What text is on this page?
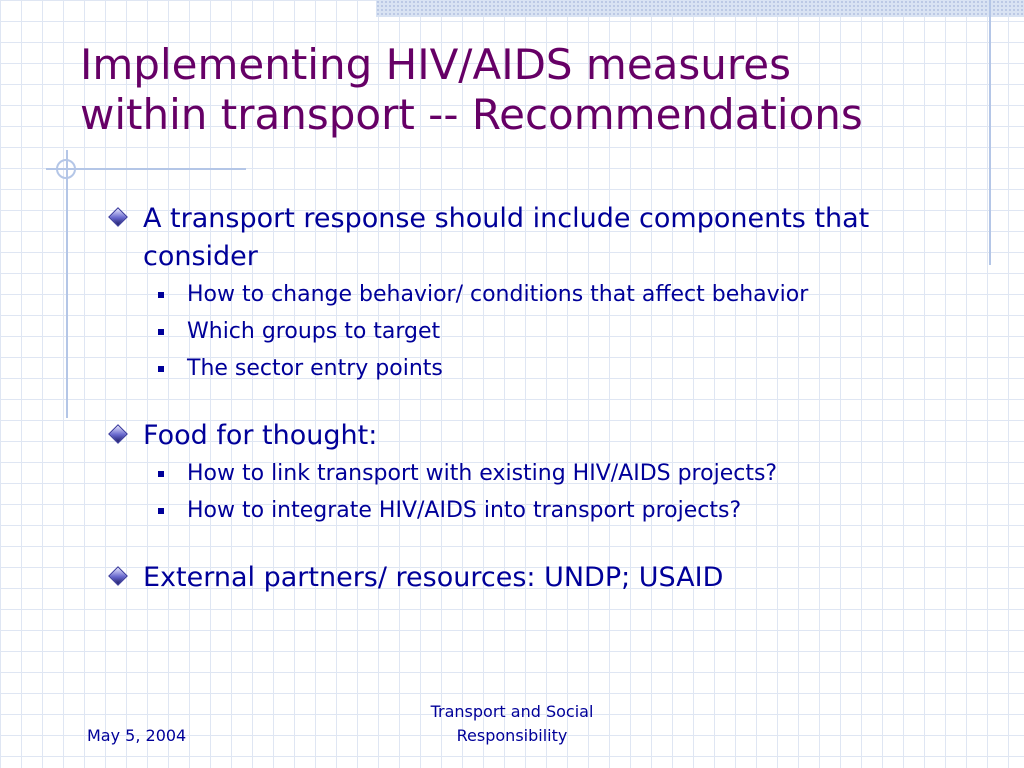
Implementing HIV/AIDS measures
within transport -- Recommendations
A transport response should include components that
consider
How to change behavior/ conditions that affect behavior
Which groups to target
The sector entry points
Food for thought:
How to link transport with existing HIV/AIDS projects?
How to integrate HIV/AIDS into transport projects?
External partners/ resources: UNDP; USAID
May 5, 2004
Transport and Social
Responsibility
